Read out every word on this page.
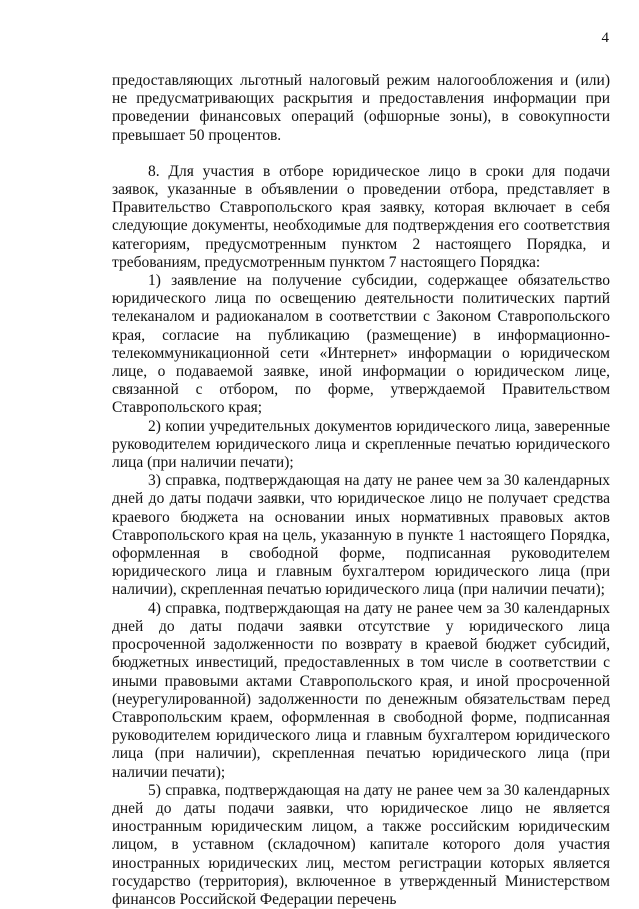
4

предоставляющих льготный налоговый режим налогообложения и (или) не предусматривающих раскрытия и предоставления информации при проведении финансовых операций (офшорные зоны), в совокупности превышает 50 процентов.

8. Для участия в отборе юридическое лицо в сроки для подачи заявок, указанные в объявлении о проведении отбора, представляет в Правительство Ставропольского края заявку, которая включает в себя следующие документы, необходимые для подтверждения его соответствия категориям, предусмотренным пунктом 2 настоящего Порядка, и требованиям, предусмотренным пунктом 7 настоящего Порядка:

1) заявление на получение субсидии, содержащее обязательство юридического лица по освещению деятельности политических партий телеканалом и радиоканалом в соответствии с Законом Ставропольского края, согласие на публикацию (размещение) в информационно-телекоммуникационной сети «Интернет» информации о юридическом лице, о подаваемой заявке, иной информации о юридическом лице, связанной с отбором, по форме, утверждаемой Правительством Ставропольского края;

2) копии учредительных документов юридического лица, заверенные руководителем юридического лица и скрепленные печатью юридического лица (при наличии печати);

3) справка, подтверждающая на дату не ранее чем за 30 календарных дней до даты подачи заявки, что юридическое лицо не получает средства краевого бюджета на основании иных нормативных правовых актов Ставропольского края на цель, указанную в пункте 1 настоящего Порядка, оформленная в свободной форме, подписанная руководителем юридического лица и главным бухгалтером юридического лица (при наличии), скрепленная печатью юридического лица (при наличии печати);

4) справка, подтверждающая на дату не ранее чем за 30 календарных дней до даты подачи заявки отсутствие у юридического лица просроченной задолженности по возврату в краевой бюджет субсидий, бюджетных инвестиций, предоставленных в том числе в соответствии с иными правовыми актами Ставропольского края, и иной просроченной (неурегулированной) задолженности по денежным обязательствам перед Ставропольским краем, оформленная в свободной форме, подписанная руководителем юридического лица и главным бухгалтером юридического лица (при наличии), скрепленная печатью юридического лица (при наличии печати);

5) справка, подтверждающая на дату не ранее чем за 30 календарных дней до даты подачи заявки, что юридическое лицо не является иностранным юридическим лицом, а также российским юридическим лицом, в уставном (складочном) капитале которого доля участия иностранных юридических лиц, местом регистрации которых является государство (территория), включенное в утвержденный Министерством финансов Российской Федерации перечень
